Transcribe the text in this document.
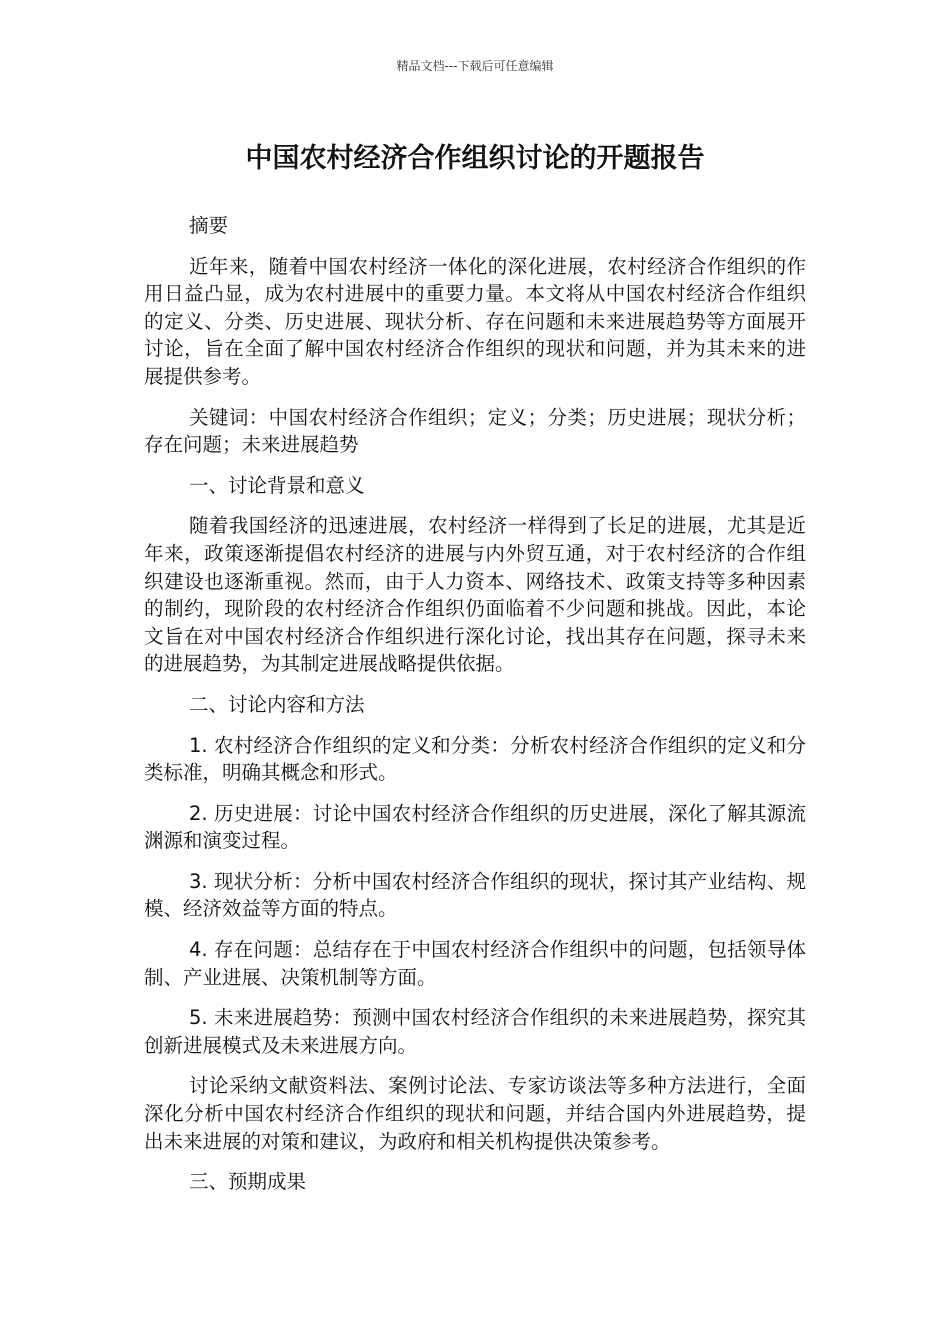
精品文档---下载后可任意编辑
中国农村经济合作组织讨论的开题报告

摘要

近年来，随着中国农村经济一体化的深化进展，农村经济合作组织的作用日益凸显，成为农村进展中的重要力量。本文将从中国农村经济合作组织的定义、分类、历史进展、现状分析、存在问题和未来进展趋势等方面展开讨论，旨在全面了解中国农村经济合作组织的现状和问题，并为其未来的进展提供参考。

关键词：中国农村经济合作组织；定义；分类；历史进展；现状分析；存在问题；未来进展趋势

一、讨论背景和意义

随着我国经济的迅速进展，农村经济一样得到了长足的进展，尤其是近年来，政策逐渐提倡农村经济的进展与内外贸互通，对于农村经济的合作组织建设也逐渐重视。然而，由于人力资本、网络技术、政策支持等多种因素的制约，现阶段的农村经济合作组织仍面临着不少问题和挑战。因此，本论文旨在对中国农村经济合作组织进行深化讨论，找出其存在问题，探寻未来的进展趋势，为其制定进展战略提供依据。

二、讨论内容和方法

1. 农村经济合作组织的定义和分类：分析农村经济合作组织的定义和分类标准，明确其概念和形式。

2. 历史进展：讨论中国农村经济合作组织的历史进展，深化了解其源流渊源和演变过程。

3. 现状分析：分析中国农村经济合作组织的现状，探讨其产业结构、规模、经济效益等方面的特点。

4. 存在问题：总结存在于中国农村经济合作组织中的问题，包括领导体制、产业进展、决策机制等方面。

5. 未来进展趋势：预测中国农村经济合作组织的未来进展趋势，探究其创新进展模式及未来进展方向。

讨论采纳文献资料法、案例讨论法、专家访谈法等多种方法进行，全面深化分析中国农村经济合作组织的现状和问题，并结合国内外进展趋势，提出未来进展的对策和建议，为政府和相关机构提供决策参考。

三、预期成果
